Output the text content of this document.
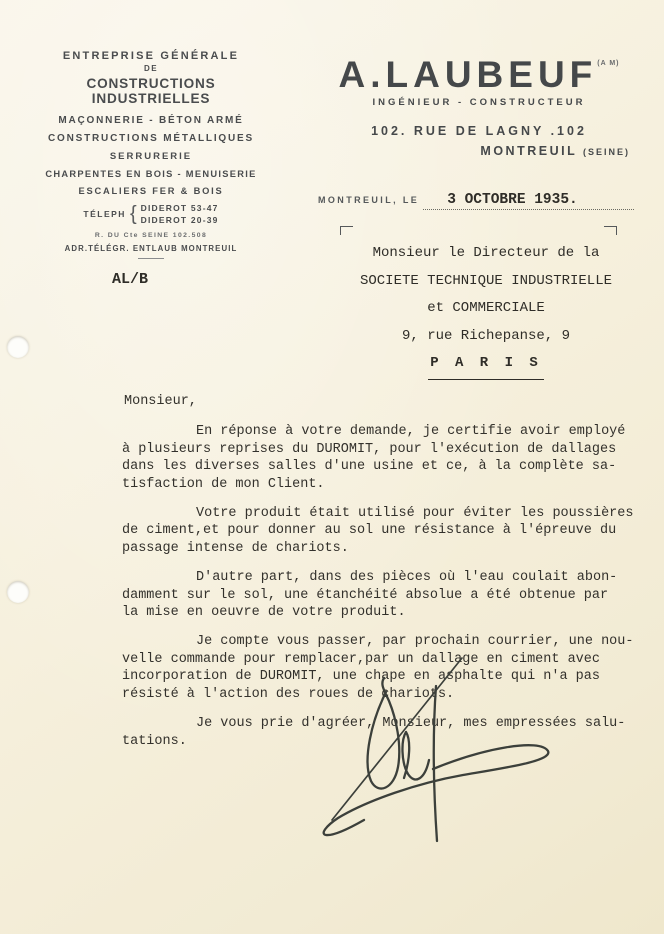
ENTREPRISE GÉNÉRALE
DE
CONSTRUCTIONS INDUSTRIELLES
MAÇONNERIE - BÉTON ARMÉ
CONSTRUCTIONS MÉTALLIQUES
SERRURERIE
CHARPENTES EN BOIS - MENUISERIE
ESCALIERS FER & BOIS
TÉLEPH { DIDEROT 53-47
DIDEROT 20-39
R. DU Cte SEINE 102.508
ADR.TÉLÉGR. ENTLAUB MONTREUIL
AL/B
$A.LAUBEUF^{(A M)}$
INGÉNIEUR - CONSTRUCTEUR
102. RUE DE LAGNY .102
MONTREUIL (SEINE)
MONTREUIL, LE	3 OCTOBRE 1935.
Monsieur le Directeur de la
SOCIETE TECHNIQUE INDUSTRIELLE
et COMMERCIALE
9, rue Richepanse, 9
P A R I S
Monsieur,
En réponse à votre demande, je certifie avoir employé
à plusieurs reprises du DUROMIT, pour l'exécution de dallages
dans les diverses salles d'une usine et ce, à la complète sa-
tisfaction de mon Client.
Votre produit était utilisé pour éviter les poussières
de ciment,et pour donner au sol une résistance à l'épreuve du
passage intense de chariots.
D'autre part, dans des pièces où l'eau coulait abon-
damment sur le sol, une étanchéité absolue a été obtenue par
la mise en oeuvre de votre produit.
Je compte vous passer, par prochain courrier, une nou-
velle commande pour remplacer,par un dallage en ciment avec
incorporation de DUROMIT, une chape en asphalte qui n'a pas
résisté à l'action des roues de chariots.
Je vous prie d'agréer, Monsieur, mes empressées salu-
tations.
